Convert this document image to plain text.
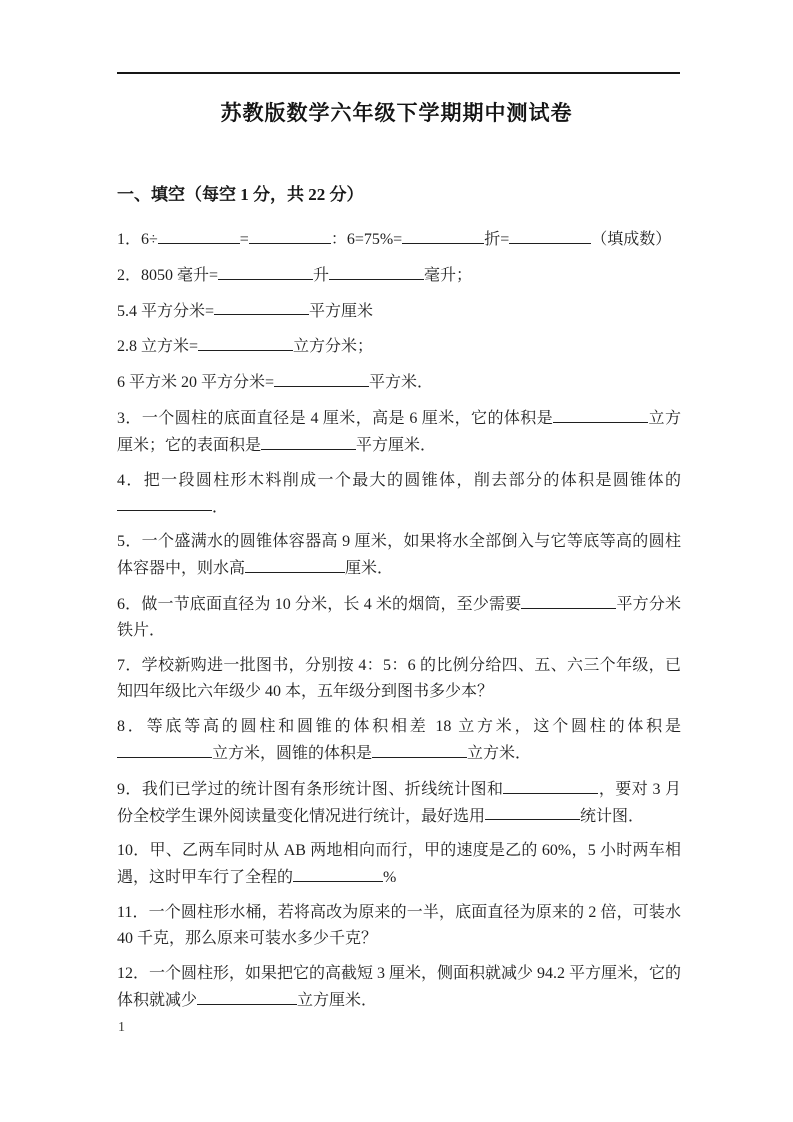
苏教版数学六年级下学期期中测试卷
一、填空（每空 1 分，共 22 分）

1．6÷	=	：6=75%=	折=	（填成数）

2．8050 毫升=	升	毫升；

5.4 平方分米=	平方厘米

2.8 立方米=	立方分米；

6 平方米 20 平方分米=	平方米．

3．一个圆柱的底面直径是 4 厘米，高是 6 厘米，它的体积是	立方厘米；它的表面积是	平方厘米．

4．把一段圆柱形木料削成一个最大的圆锥体，削去部分的体积是圆锥体的．

5．一个盛满水的圆锥体容器高 9 厘米，如果将水全部倒入与它等底等高的圆柱体容器中，则水高	厘米．

6．做一节底面直径为 10 分米，长 4 米的烟筒，至少需要	平方分米铁片．

7．学校新购进一批图书，分别按 4：5：6 的比例分给四、五、六三个年级，已知四年级比六年级少 40 本，五年级分到图书多少本？

8．等底等高的圆柱和圆锥的体积相差 18 立方米，这个圆柱的体积是立方米，圆锥的体积是	立方米．

9．我们已学过的统计图有条形统计图、折线统计图和	，要对 3 月份全校学生课外阅读量变化情况进行统计，最好选用	统计图．

10．甲、乙两车同时从 AB 两地相向而行，甲的速度是乙的 60%，5 小时两车相遇，这时甲车行了全程的	%

11．一个圆柱形水桶，若将高改为原来的一半，底面直径为原来的 2 倍，可装水 40 千克，那么原来可装水多少千克？

12．一个圆柱形，如果把它的高截短 3 厘米，侧面积就减少 94.2 平方厘米，它的体积就减少	立方厘米．

1
